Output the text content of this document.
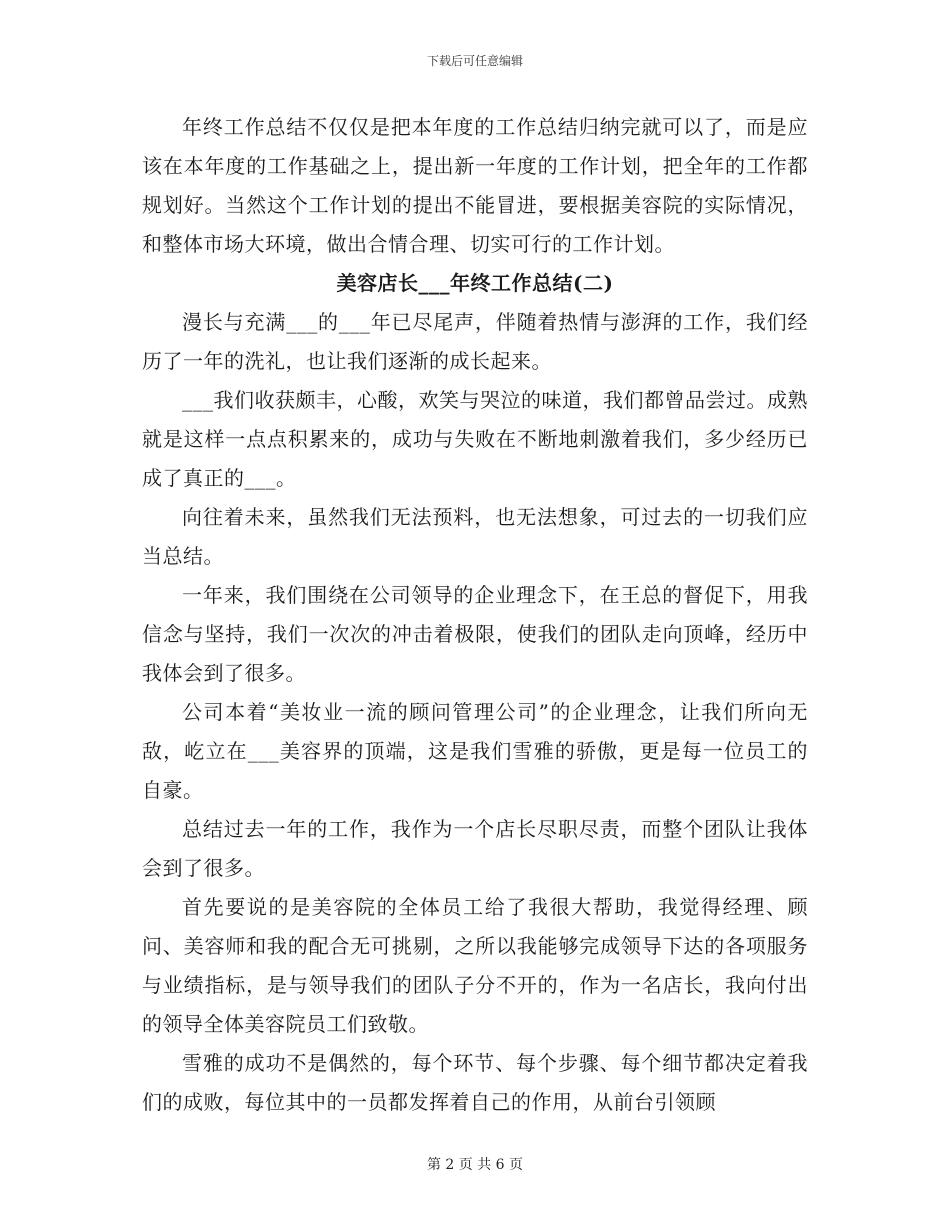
下载后可任意编辑

年终工作总结不仅仅是把本年度的工作总结归纳完就可以了，而是应该在本年度的工作基础之上，提出新一年度的工作计划，把全年的工作都规划好。当然这个工作计划的提出不能冒进，要根据美容院的实际情况，和整体市场大环境，做出合情合理、切实可行的工作计划。

美容店长___年终工作总结(二)

漫长与充满___的___年已尽尾声，伴随着热情与澎湃的工作，我们经历了一年的洗礼，也让我们逐渐的成长起来。

___我们收获颇丰，心酸，欢笑与哭泣的味道，我们都曾品尝过。成熟就是这样一点点积累来的，成功与失败在不断地刺激着我们，多少经历已成了真正的___。

向往着未来，虽然我们无法预料，也无法想象，可过去的一切我们应当总结。

一年来，我们围绕在公司领导的企业理念下，在王总的督促下，用我信念与坚持，我们一次次的冲击着极限，使我们的团队走向顶峰，经历中我体会到了很多。

公司本着“美妆业一流的顾问管理公司”的企业理念，让我们所向无敌，屹立在___美容界的顶端，这是我们雪雅的骄傲，更是每一位员工的自豪。

总结过去一年的工作，我作为一个店长尽职尽责，而整个团队让我体会到了很多。

首先要说的是美容院的全体员工给了我很大帮助，我觉得经理、顾问、美容师和我的配合无可挑剔，之所以我能够完成领导下达的各项服务与业绩指标，是与领导我们的团队子分不开的，作为一名店长，我向付出的领导全体美容院员工们致敬。

雪雅的成功不是偶然的，每个环节、每个步骤、每个细节都决定着我们的成败，每位其中的一员都发挥着自己的作用，从前台引领顾

第 2 页 共 6 页
